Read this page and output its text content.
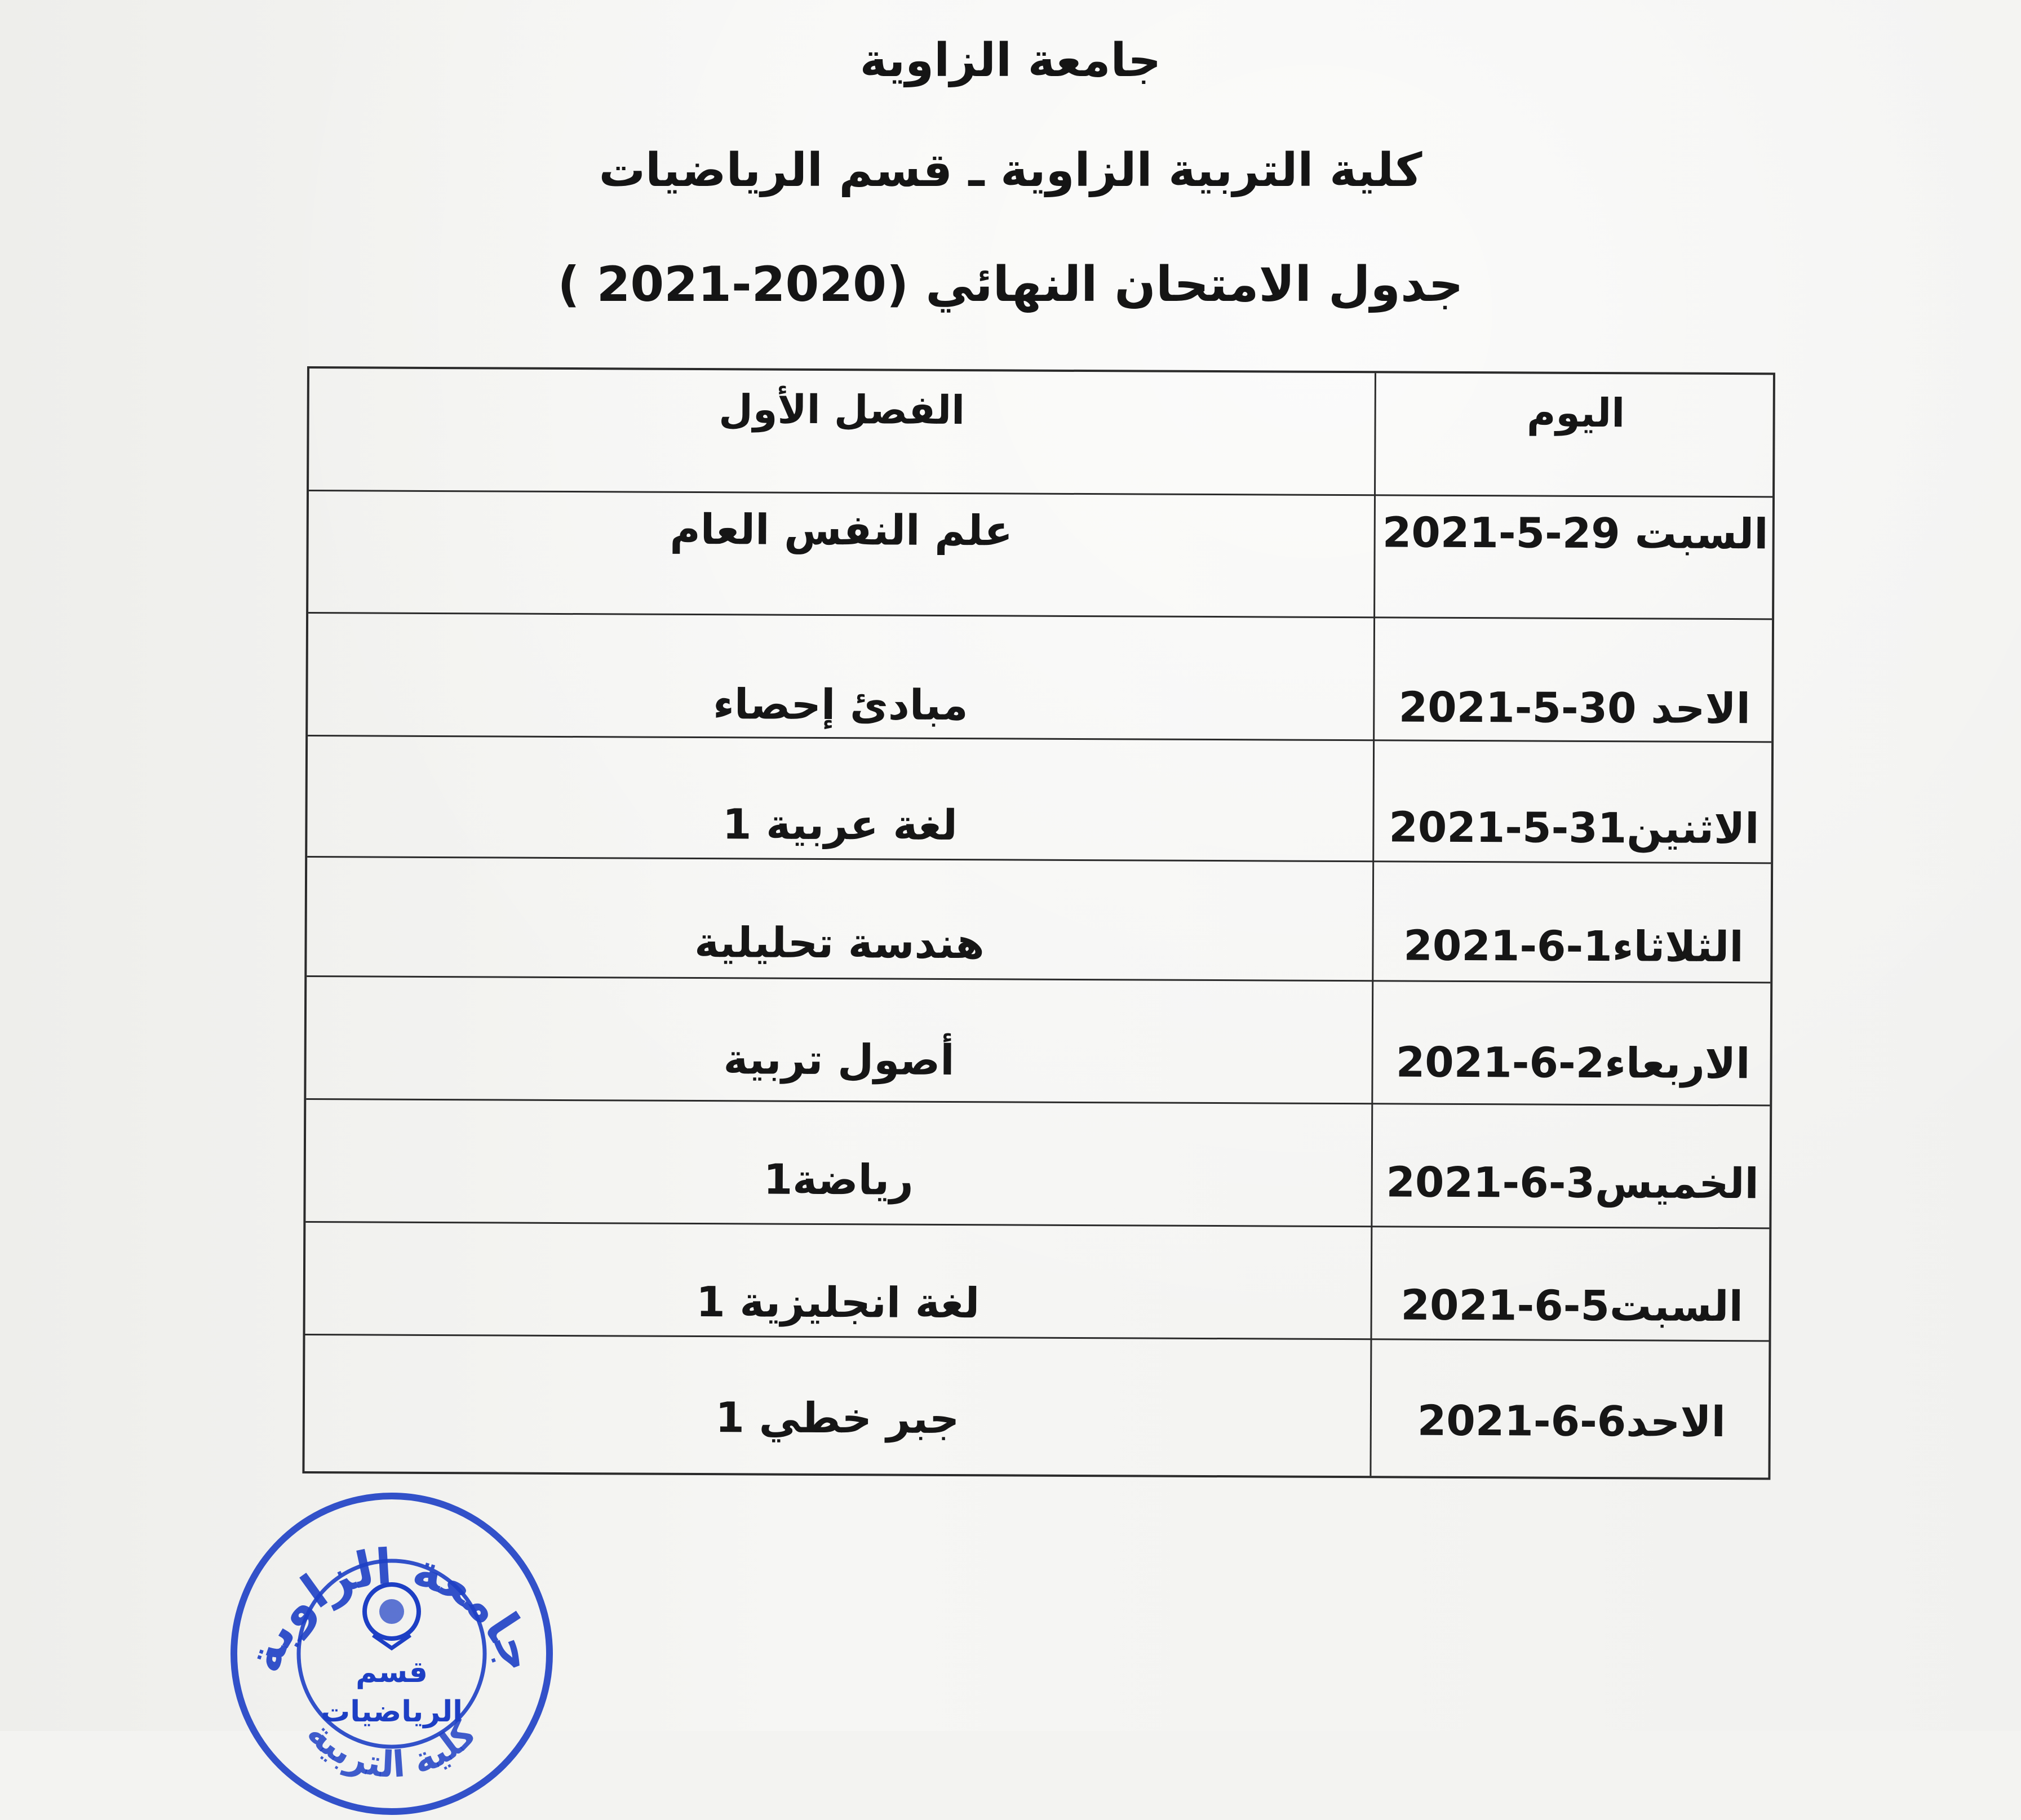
جامعة الزاوية
كلية التربية الزاوية ـ قسم الرياضيات
جدول الامتحان النهائي (2020-2021 )
الفصل الأول	اليوم
علم النفس العام	السبت 29-5-2021
مبادئ إحصاء	الاحد 30-5-2021
لغة عربية 1	الاثنين31-5-2021
هندسة تحليلية	الثلاثاء1-6-2021
أصول تربية	الاربعاء2-6-2021
رياضة1	الخميس3-6-2021
لغة انجليزية 1	السبت5-6-2021
جبر خطي 1	الاحد6-6-2021
جامعة الزاوية
كلية التربية
قسم
الرياضيات
